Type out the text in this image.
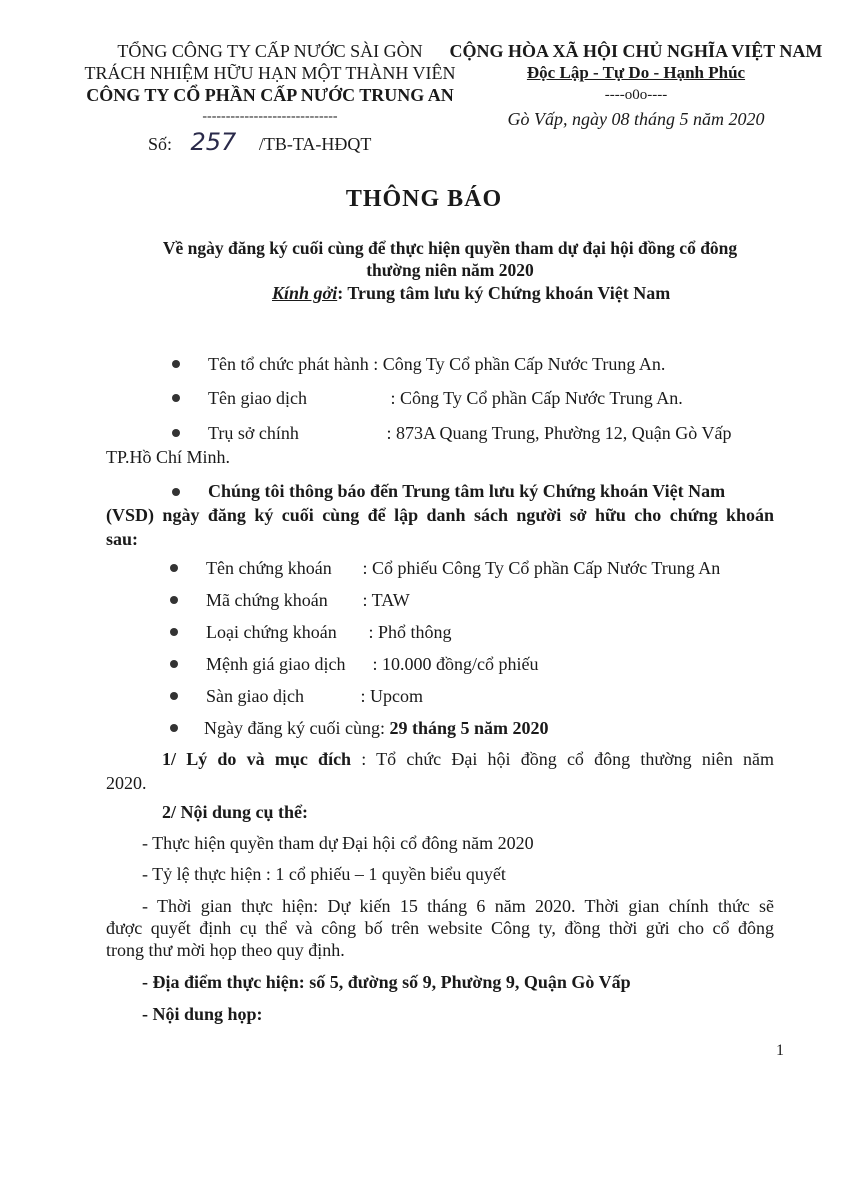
TỔNG CÔNG TY CẤP NƯỚC SÀI GÒN
TRÁCH NHIỆM HỮU HẠN MỘT THÀNH VIÊN
CÔNG TY CỔ PHẦN CẤP NƯỚC TRUNG AN
-----------------------------
Số: 257 /TB-TA-HĐQT
CỘNG HÒA XÃ HỘI CHỦ NGHĨA VIỆT NAM
Độc Lập - Tự Do - Hạnh Phúc
----o0o----
Gò Vấp, ngày 08 tháng 5 năm 2020
THÔNG BÁO
Về ngày đăng ký cuối cùng để thực hiện quyền tham dự đại hội đồng cổ đông
thường niên năm 2020
Kính gởi: Trung tâm lưu ký Chứng khoán Việt Nam
Tên tổ chức phát hành : Công Ty Cổ phần Cấp Nước Trung An.
Tên giao dịch	: Công Ty Cổ phần Cấp Nước Trung An.
Trụ sở chính	: 873A Quang Trung, Phường 12, Quận Gò Vấp
TP.Hồ Chí Minh.
Chúng tôi thông báo đến Trung tâm lưu ký Chứng khoán Việt Nam
(VSD) ngày đăng ký cuối cùng để lập danh sách người sở hữu cho chứng khoán
sau:
Tên chứng khoán : Cổ phiếu Công Ty Cổ phần Cấp Nước Trung An
Mã chứng khoán : TAW
Loại chứng khoán : Phổ thông
Mệnh giá giao dịch : 10.000 đồng/cổ phiếu
Sàn giao dịch	: Upcom
Ngày đăng ký cuối cùng: 29 tháng 5 năm 2020
1/ Lý do và mục đích : Tổ chức Đại hội đồng cổ đông thường niên năm
2020.
2/ Nội dung cụ thể:
- Thực hiện quyền tham dự Đại hội cổ đông năm 2020
- Tỷ lệ thực hiện : 1 cổ phiếu – 1 quyền biểu quyết
- Thời gian thực hiện: Dự kiến 15 tháng 6 năm 2020. Thời gian chính thức sẽ
được quyết định cụ thể và công bố trên website Công ty, đồng thời gửi cho cổ đông
trong thư mời họp theo quy định.
- Địa điểm thực hiện: số 5, đường số 9, Phường 9, Quận Gò Vấp
- Nội dung họp:
1
